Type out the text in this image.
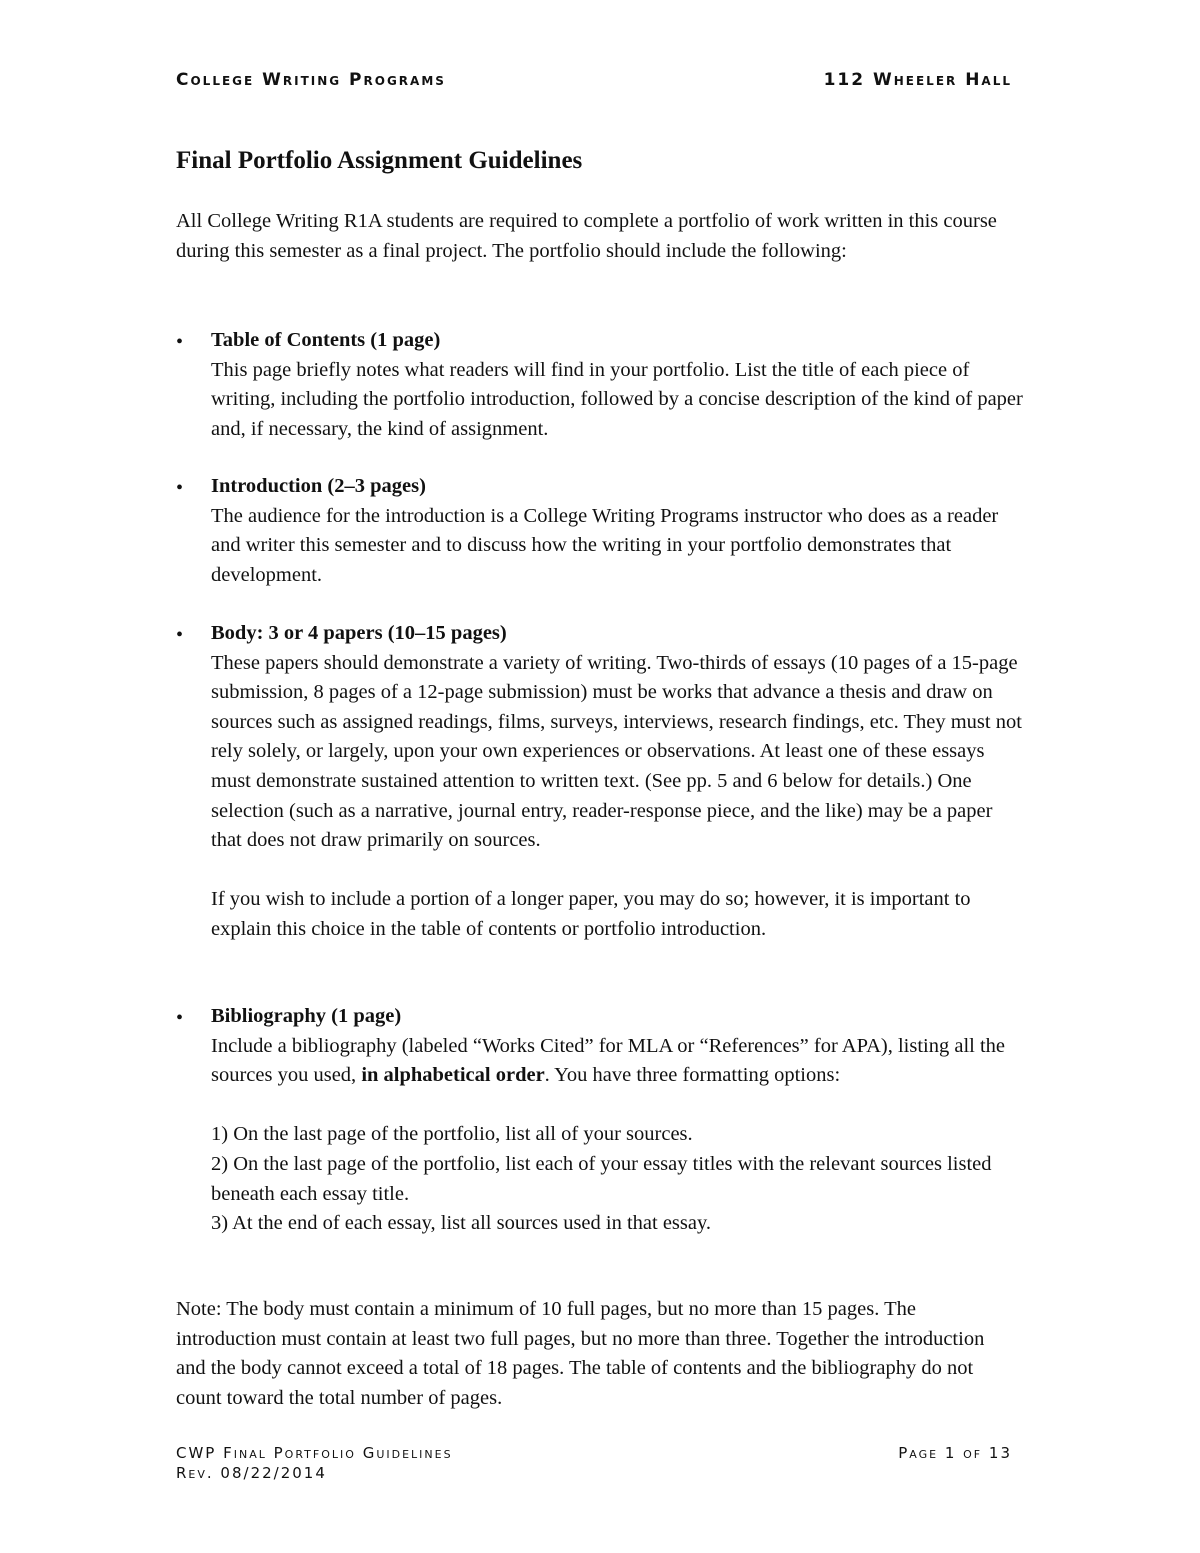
College Writing Programs	112 Wheeler Hall
Final Portfolio Assignment Guidelines

All College Writing R1A students are required to complete a portfolio of work written in this course during this semester as a final project. The portfolio should include the following:

• Table of Contents (1 page)
This page briefly notes what readers will find in your portfolio. List the title of each piece of writing, including the portfolio introduction, followed by a concise description of the kind of paper and, if necessary, the kind of assignment.
• Introduction (2–3 pages)
The audience for the introduction is a College Writing Programs instructor who does as a reader and writer this semester and to discuss how the writing in your portfolio demonstrates that development.
• Body: 3 or 4 papers (10–15 pages)
These papers should demonstrate a variety of writing. Two-thirds of essays (10 pages of a 15-page submission, 8 pages of a 12-page submission) must be works that advance a thesis and draw on sources such as assigned readings, films, surveys, interviews, research findings, etc. They must not rely solely, or largely, upon your own experiences or observations. At least one of these essays must demonstrate sustained attention to written text. (See pp. 5 and 6 below for details.) One selection (such as a narrative, journal entry, reader-response piece, and the like) may be a paper that does not draw primarily on sources.
If you wish to include a portion of a longer paper, you may do so; however, it is important to explain this choice in the table of contents or portfolio introduction.
• Bibliography (1 page)
Include a bibliography (labeled “Works Cited” for MLA or “References” for APA), listing all the sources you used, in alphabetical order. You have three formatting options:
1) On the last page of the portfolio, list all of your sources.
2) On the last page of the portfolio, list each of your essay titles with the relevant sources listed beneath each essay title.
3) At the end of each essay, list all sources used in that essay.

Note: The body must contain a minimum of 10 full pages, but no more than 15 pages. The introduction must contain at least two full pages, but no more than three. Together the introduction and the body cannot exceed a total of 18 pages. The table of contents and the bibliography do not count toward the total number of pages.

CWP Final Portfolio Guidelines	Page 1 of 13
Rev. 08/22/2014
